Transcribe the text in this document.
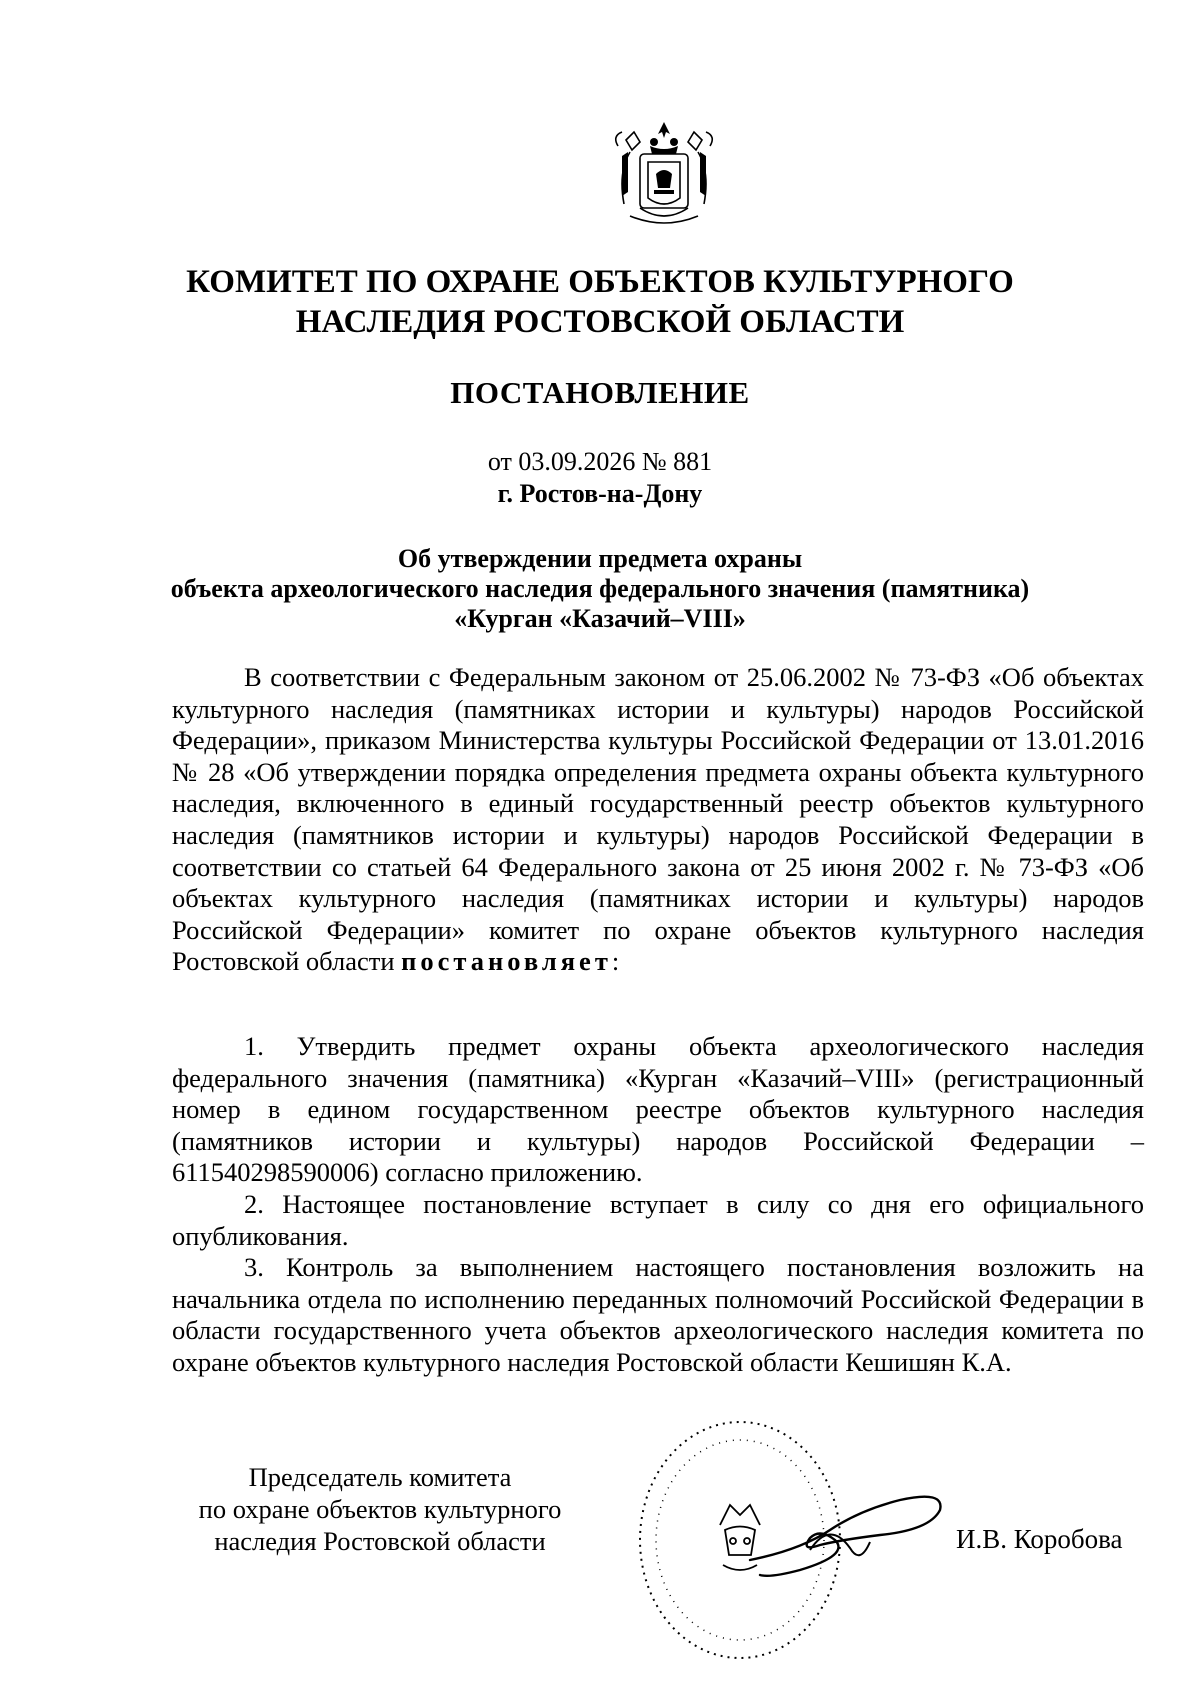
КОМИТЕТ ПО ОХРАНЕ ОБЪЕКТОВ КУЛЬТУРНОГО
НАСЛЕДИЯ РОСТОВСКОЙ ОБЛАСТИ
ПОСТАНОВЛЕНИЕ
от 03.09.2026 № 881
г. Ростов-на-Дону
Об утверждении предмета охраны
объекта археологического наследия федерального значения (памятника)
«Курган «Казачий–VIII»
В соответствии с Федеральным законом от 25.06.2002 № 73-ФЗ «Об объектах культурного наследия (памятниках истории и культуры) народов Российской Федерации», приказом Министерства культуры Российской Федерации от 13.01.2016 № 28 «Об утверждении порядка определения предмета охраны объекта культурного наследия, включенного в единый государственный реестр объектов культурного наследия (памятников истории и культуры) народов Российской Федерации в соответствии со статьей 64 Федерального закона от 25 июня 2002 г. № 73-ФЗ «Об объектах культурного наследия (памятниках истории и культуры) народов Российской Федерации» комитет по охране объектов культурного наследия Ростовской области постановляет:

1. Утвердить предмет охраны объекта археологического наследия федерального значения (памятника) «Курган «Казачий–VIII» (регистрационный номер в едином государственном реестре объектов культурного наследия (памятников истории и культуры) народов Российской Федерации – 611540298590006) согласно приложению.

2. Настоящее постановление вступает в силу со дня его официального опубликования.

3. Контроль за выполнением настоящего постановления возложить на начальника отдела по исполнению переданных полномочий Российской Федерации в области государственного учета объектов археологического наследия комитета по охране объектов культурного наследия Ростовской области Кешишян К.А.

Председатель комитета
по охране объектов культурного
наследия Ростовской области	И.В. Коробова
